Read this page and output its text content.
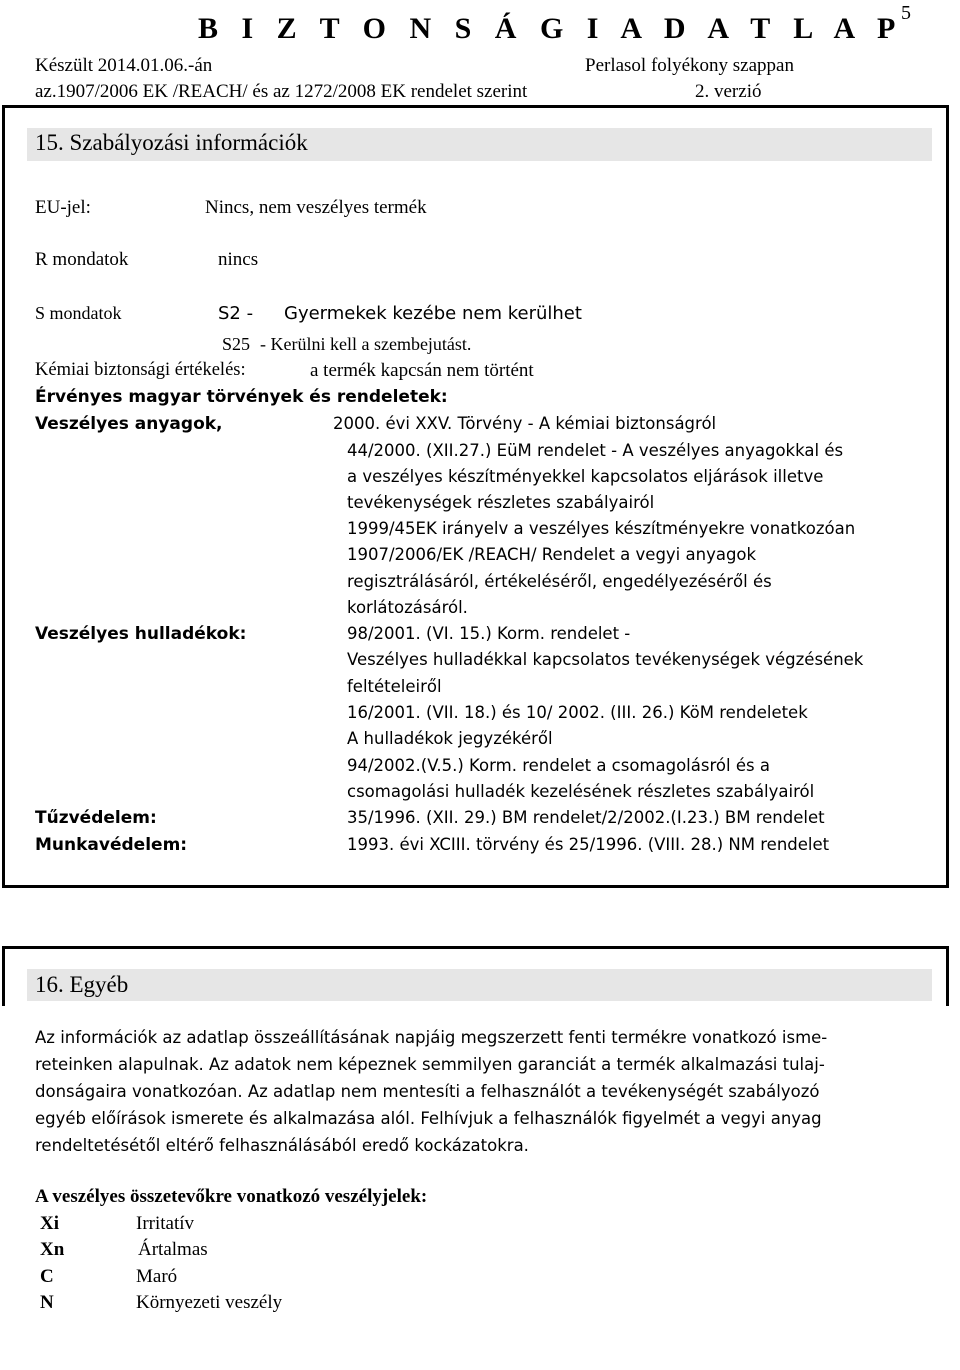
5
B I Z T O N S Á G I A D A T L A P
Készült 2014.01.06.-án	Perlasol folyékony szappan
az.1907/2006 EK /REACH/ és az 1272/2008 EK rendelet szerint	2. verzió
15. Szabályozási információk
EU-jel:	Nincs, nem veszélyes termék
R mondatok	nincs
S mondatok	S2 - Gyermekek kezébe nem kerülhet
S25 - Kerülni kell a szembejutást.
Kémiai biztonsági értékelés:	a termék kapcsán nem történt
Érvényes magyar törvények és rendeletek:
Veszélyes anyagok,	2000. évi XXV. Törvény - A kémiai biztonságról
44/2000. (XII.27.) EüM rendelet - A veszélyes anyagokkal és
a veszélyes készítményekkel kapcsolatos eljárások illetve
tevékenységek részletes szabályairól
1999/45EK irányelv a veszélyes készítményekre vonatkozóan
1907/2006/EK /REACH/ Rendelet a vegyi anyagok
regisztrálásáról, értékeléséről, engedélyezéséről és
korlátozásáról.
Veszélyes hulladékok:	98/2001. (VI. 15.) Korm. rendelet -
Veszélyes hulladékkal kapcsolatos tevékenységek végzésének
feltételeiről
16/2001. (VII. 18.) és 10/ 2002. (III. 26.) KöM rendeletek
A hulladékok jegyzékéről
94/2002.(V.5.) Korm. rendelet a csomagolásról és a
csomagolási hulladék kezelésének részletes szabályairól
Tűzvédelem:	35/1996. (XII. 29.) BM rendelet/2/2002.(I.23.) BM rendelet
Munkavédelem:	1993. évi XCIII. törvény és 25/1996. (VIII. 28.) NM rendelet
16. Egyéb

Az információk az adatlap összeállításának napjáig megszerzett fenti termékre vonatkozó isme-

reteinken alapulnak. Az adatok nem képeznek semmilyen garanciát a termék alkalmazási tulaj-

donságaira vonatkozóan. Az adatlap nem mentesíti a felhasználót a tevékenységét szabályozó

egyéb előírások ismerete és alkalmazása alól. Felhívjuk a felhasználók figyelmét a vegyi anyag

rendeltetésétől eltérő felhasználásából eredő kockázatokra.

A veszélyes összetevőkre vonatkozó veszélyjelek:
Xi	Irritatív
Xn	Ártalmas
C	Maró
N	Környezeti veszély
